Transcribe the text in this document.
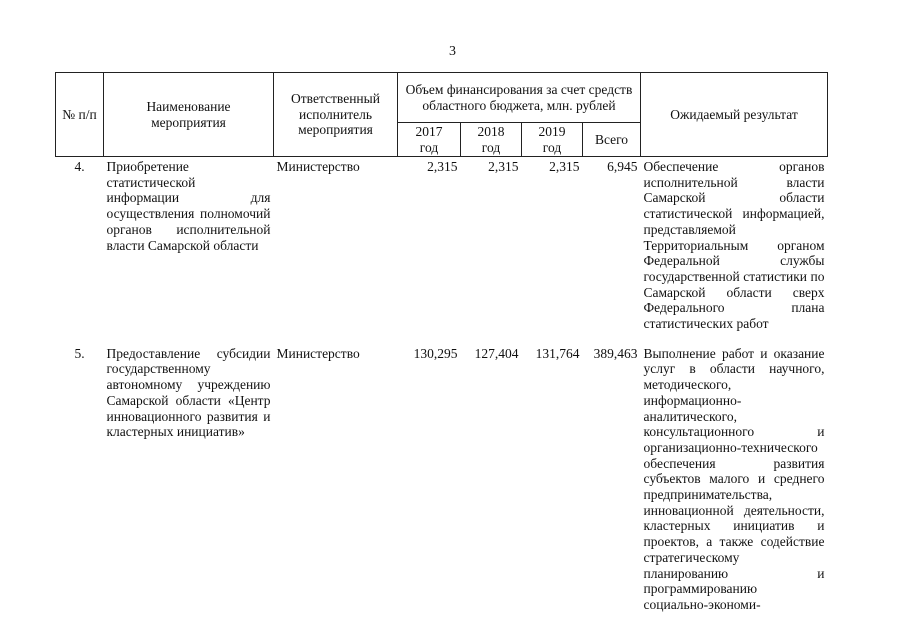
3
№ п/п	Наименование мероприятия	Ответственный исполнитель мероприятия	Объем финансирования за счет средств областного бюджета, млн. рублей				Ожидаемый результат
			2017 год	2018 год	2019 год	Всего	
4.	Приобретение статистической информации для осуществления полномочий органов исполнительной власти Самарской области	Министерство	2,315	2,315	2,315	6,945	Обеспечение органов исполнительной власти Самарской области статистической информацией, представляемой Территориальным органом Федеральной службы государственной статистики по Самарской области сверх Федерального плана статистических работ

5.	Предоставление субсидии государственному автономному учреждению Самарской области «Центр инновационного развития и кластерных инициатив»	Министерство	130,295	127,404	131,764	389,463	Выполнение работ и оказание услуг в области научного, методического, информационно-аналитического, консультационного и организационно-технического обеспечения развития субъектов малого и среднего предпринимательства, инновационной деятельности, кластерных инициатив и проектов, а также содействие стратегическому планированию и программированию социально-экономи-
